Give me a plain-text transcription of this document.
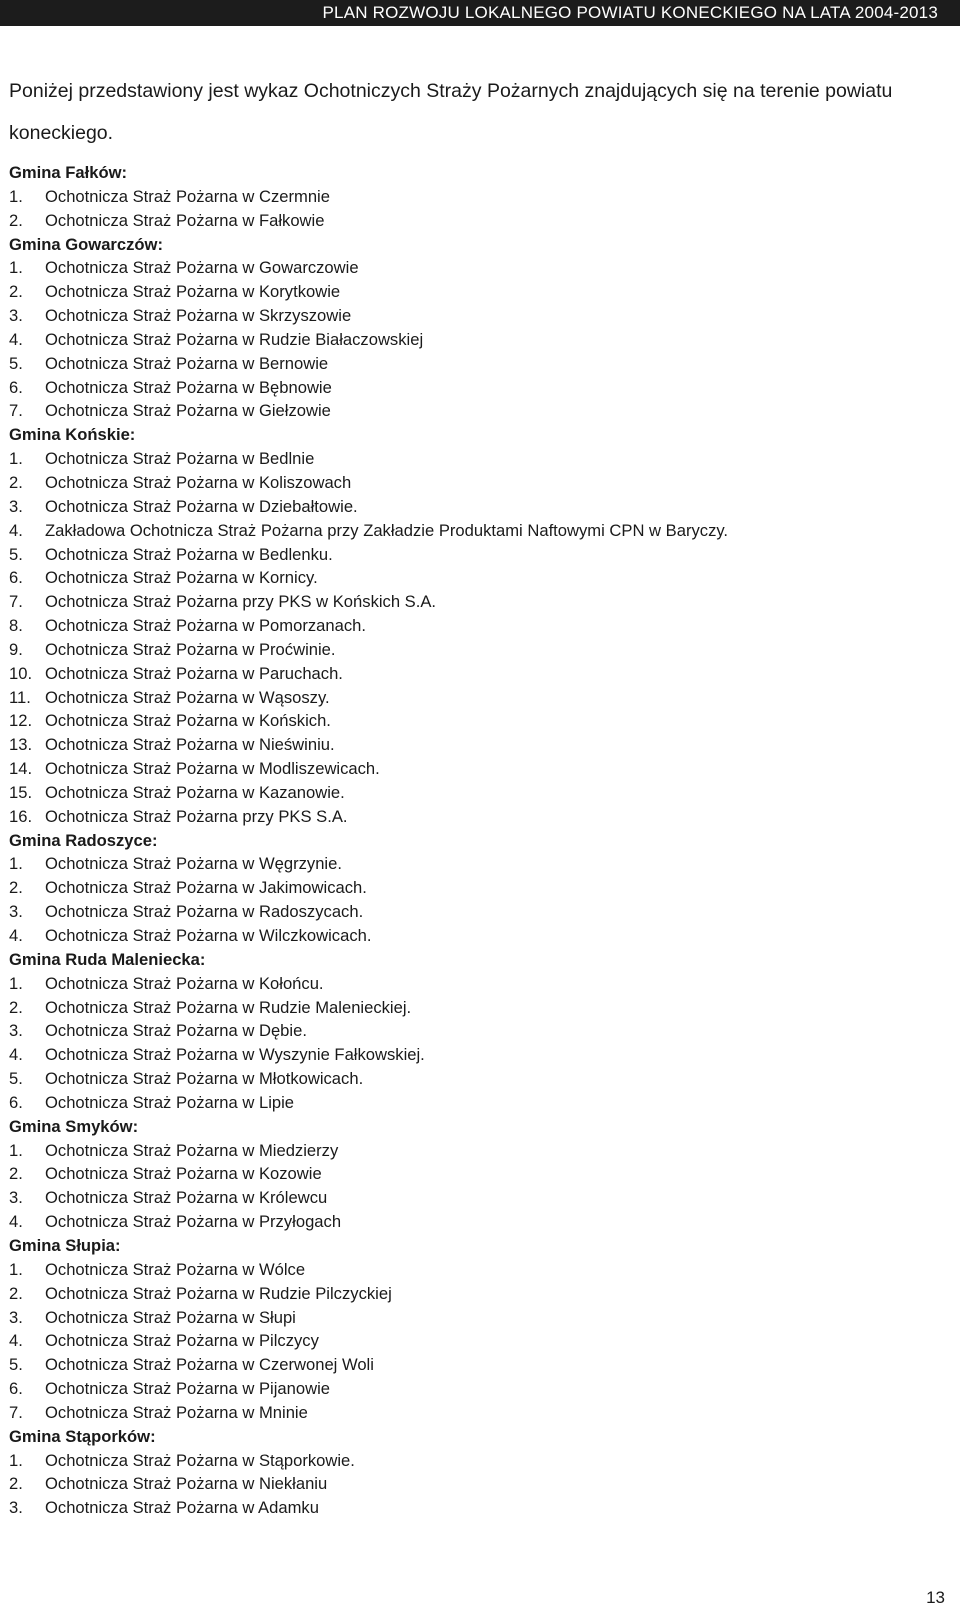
PLAN ROZWOJU LOKALNEGO POWIATU KONECKIEGO NA LATA 2004-2013

Poniżej przedstawiony jest wykaz Ochotniczych Straży Pożarnych znajdujących się na terenie powiatu koneckiego.

Gmina Fałków:
1. Ochotnicza Straż Pożarna w Czermnie
2. Ochotnicza Straż Pożarna w Fałkowie
Gmina Gowarczów:
1. Ochotnicza Straż Pożarna w Gowarczowie
2. Ochotnicza Straż Pożarna w Korytkowie
3. Ochotnicza Straż Pożarna w Skrzyszowie
4. Ochotnicza Straż Pożarna w Rudzie Białaczowskiej
5. Ochotnicza Straż Pożarna w Bernowie
6. Ochotnicza Straż Pożarna w Bębnowie
7. Ochotnicza Straż Pożarna w Giełzowie
Gmina Końskie:
1. Ochotnicza Straż Pożarna w Bedlnie
2. Ochotnicza Straż Pożarna w Koliszowach
3. Ochotnicza Straż Pożarna w Dziebałtowie.
4. Zakładowa Ochotnicza Straż Pożarna przy Zakładzie Produktami Naftowymi CPN w Baryczy.
5. Ochotnicza Straż Pożarna w Bedlenku.
6. Ochotnicza Straż Pożarna w Kornicy.
7. Ochotnicza Straż Pożarna przy PKS w Końskich S.A.
8. Ochotnicza Straż Pożarna w Pomorzanach.
9. Ochotnicza Straż Pożarna w Proćwinie.
10. Ochotnicza Straż Pożarna w Paruchach.
11. Ochotnicza Straż Pożarna w Wąsoszy.
12. Ochotnicza Straż Pożarna w Końskich.
13. Ochotnicza Straż Pożarna w Nieświniu.
14. Ochotnicza Straż Pożarna w Modliszewicach.
15. Ochotnicza Straż Pożarna w Kazanowie.
16. Ochotnicza Straż Pożarna przy PKS S.A.
Gmina Radoszyce:
1. Ochotnicza Straż Pożarna w Węgrzynie.
2. Ochotnicza Straż Pożarna w Jakimowicach.
3. Ochotnicza Straż Pożarna w Radoszycach.
4. Ochotnicza Straż Pożarna w Wilczkowicach.
Gmina Ruda Maleniecka:
1. Ochotnicza Straż Pożarna w Kołońcu.
2. Ochotnicza Straż Pożarna w Rudzie Malenieckiej.
3. Ochotnicza Straż Pożarna w Dębie.
4. Ochotnicza Straż Pożarna w Wyszynie Fałkowskiej.
5. Ochotnicza Straż Pożarna w Młotkowicach.
6. Ochotnicza Straż Pożarna w Lipie
Gmina Smyków:
1. Ochotnicza Straż Pożarna w Miedzierzy
2. Ochotnicza Straż Pożarna w Kozowie
3. Ochotnicza Straż Pożarna w Królewcu
4. Ochotnicza Straż Pożarna w Przyłogach
Gmina Słupia:
1. Ochotnicza Straż Pożarna w Wólce
2. Ochotnicza Straż Pożarna w Rudzie Pilczyckiej
3. Ochotnicza Straż Pożarna w Słupi
4. Ochotnicza Straż Pożarna w Pilczycy
5. Ochotnicza Straż Pożarna w Czerwonej Woli
6. Ochotnicza Straż Pożarna w Pijanowie
7. Ochotnicza Straż Pożarna w Mninie
Gmina Stąporków:
1. Ochotnicza Straż Pożarna w Stąporkowie.
2. Ochotnicza Straż Pożarna w Niekłaniu
3. Ochotnicza Straż Pożarna w Adamku
13
